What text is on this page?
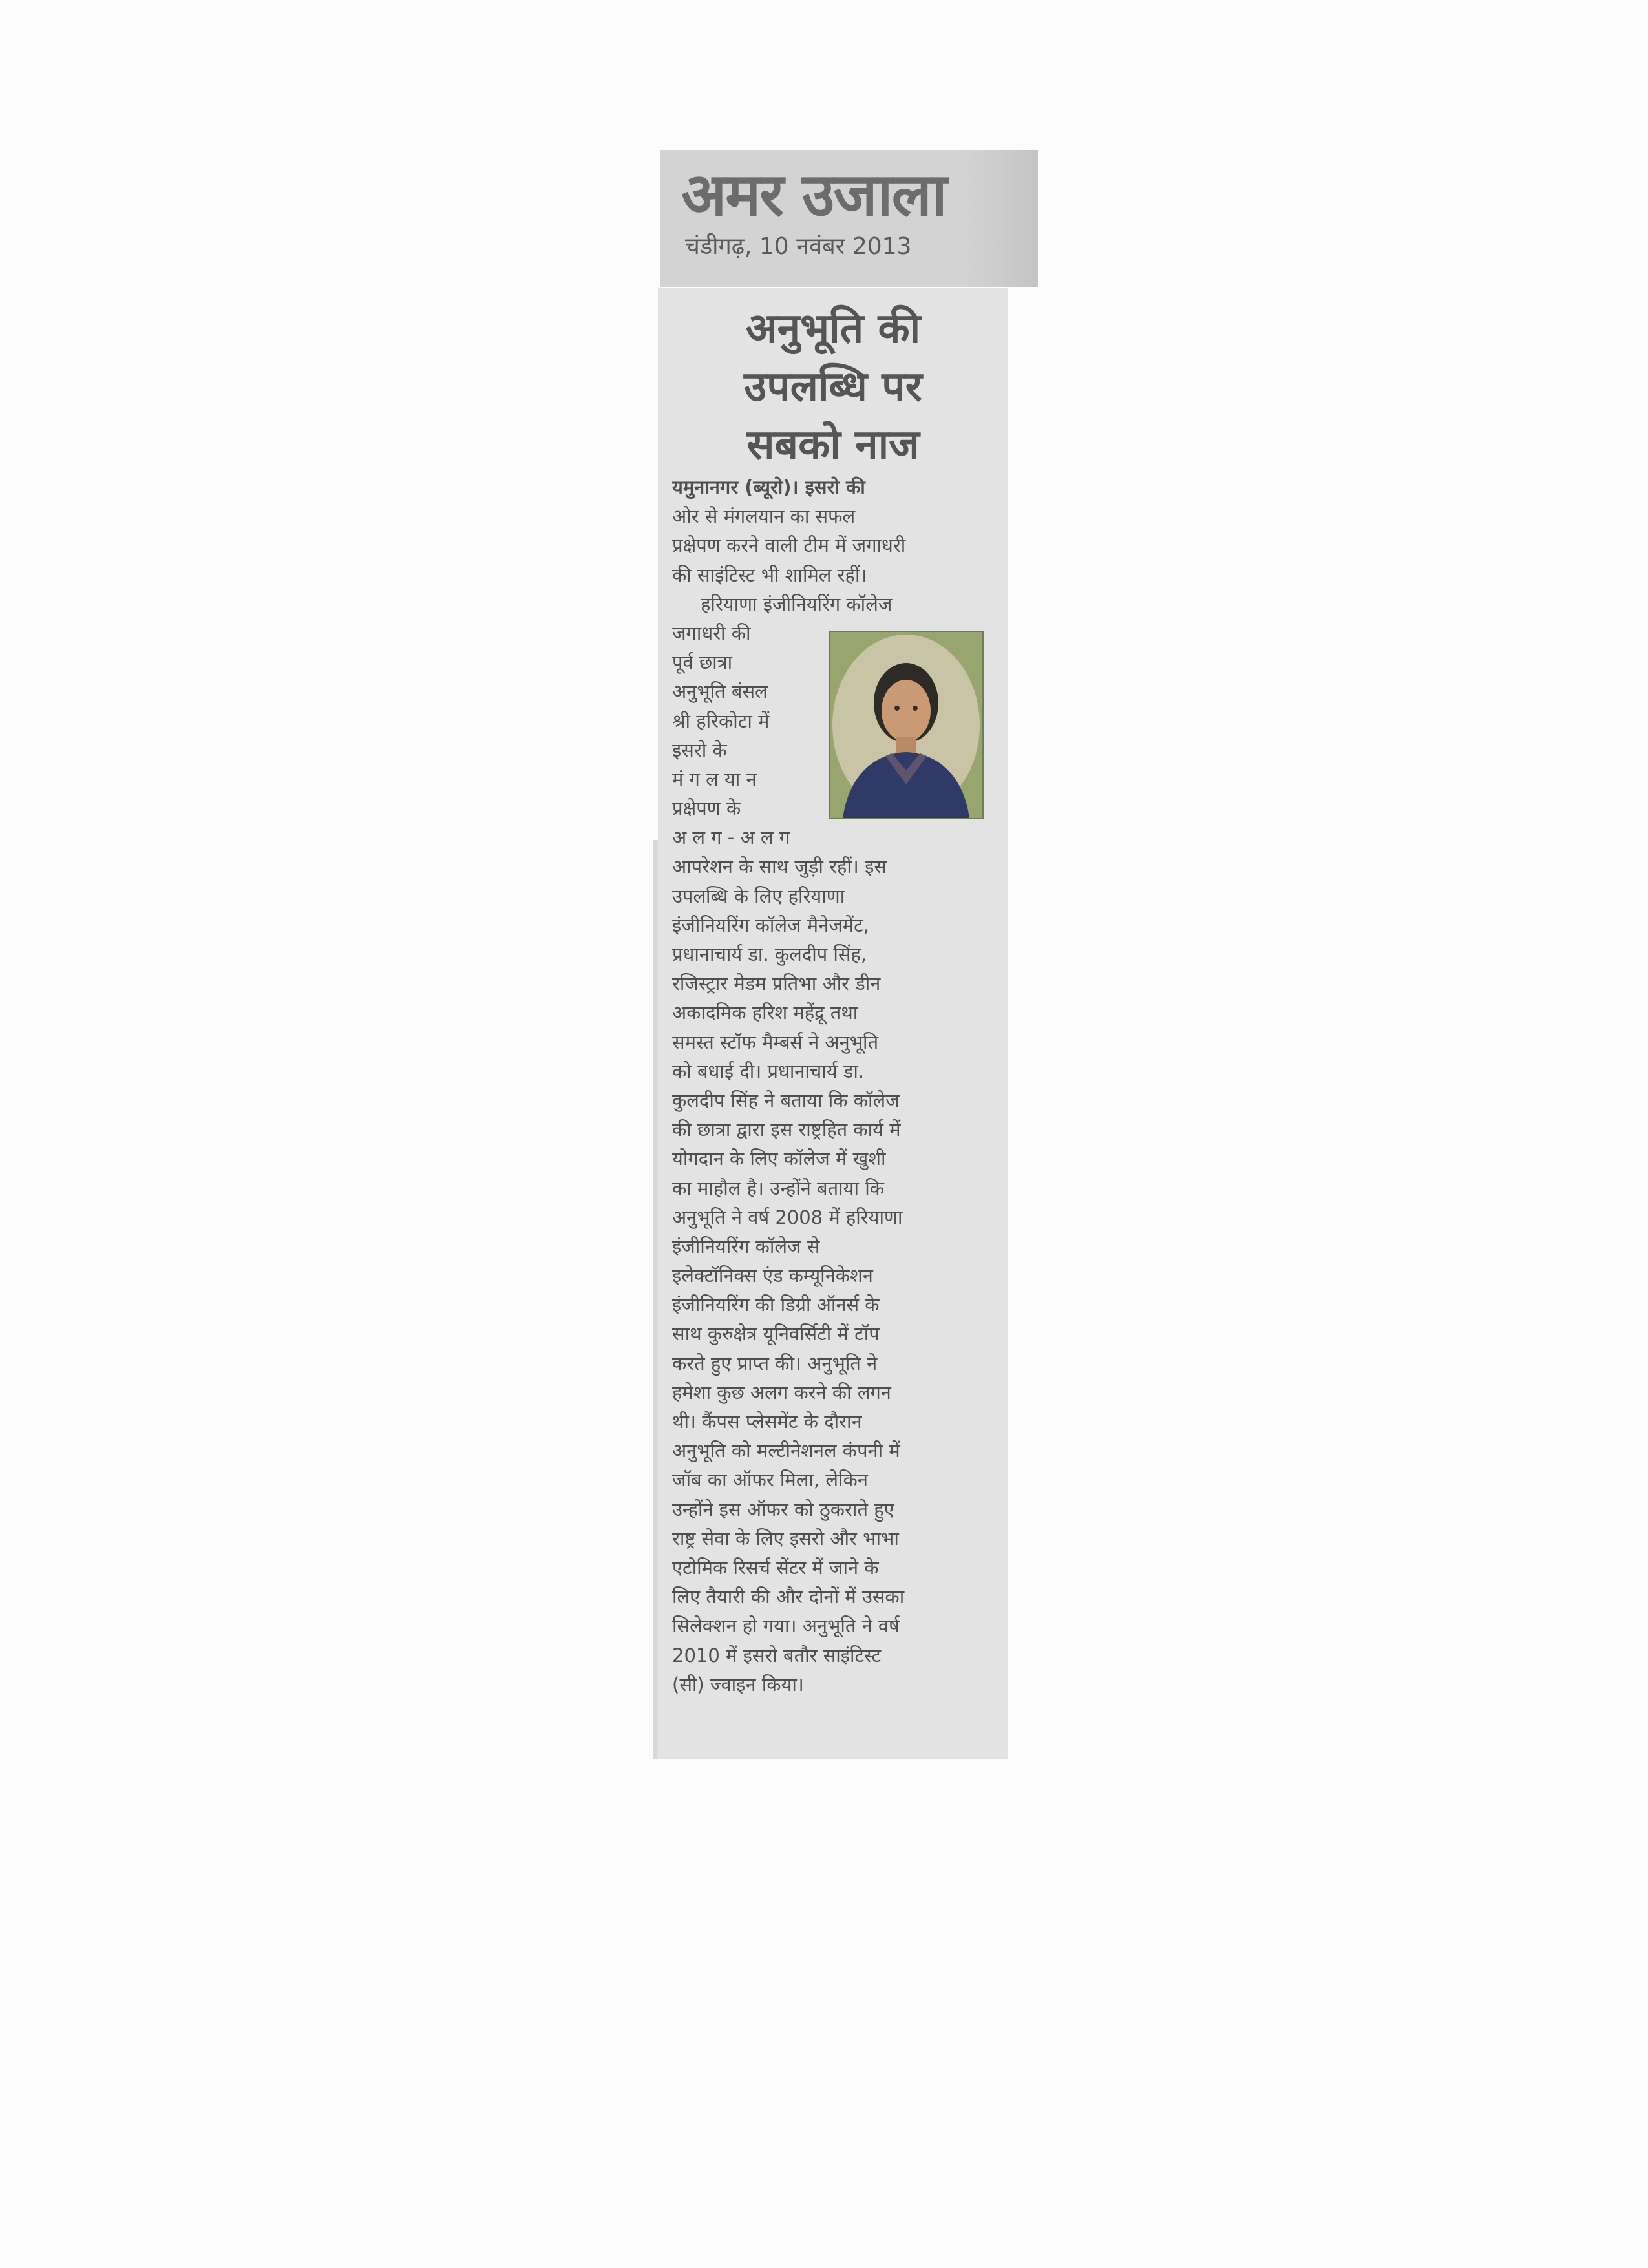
अमर उजाला
चंडीगढ़, 10 नवंबर 2013
अनुभूति की
उपलब्धि पर
सबको नाज
यमुनानगर (ब्यूरो)। इसरो की
ओर से मंगलयान का सफल
प्रक्षेपण करने वाली टीम में जगाधरी
की साइंटिस्ट भी शामिल रहीं।
हरियाणा इंजीनियरिंग कॉलेज
जगाधरी की
पूर्व छात्रा
अनुभूति बंसल
श्री हरिकोटा में
इसरो के
मं ग ल या न
प्रक्षेपण के
अ ल ग - अ ल ग
आपरेशन के साथ जुड़ी रहीं। इस
उपलब्धि के लिए हरियाणा
इंजीनियरिंग कॉलेज मैनेजमेंट,
प्रधानाचार्य डा. कुलदीप सिंह,
रजिस्ट्रार मेडम प्रतिभा और डीन
अकादमिक हरिश महेंद्रू तथा
समस्त स्टॉफ मैम्बर्स ने अनुभूति
को बधाई दी। प्रधानाचार्य डा.
कुलदीप सिंह ने बताया कि कॉलेज
की छात्रा द्वारा इस राष्ट्रहित कार्य में
योगदान के लिए कॉलेज में खुशी
का माहौल है। उन्होंने बताया कि
अनुभूति ने वर्ष 2008 में हरियाणा
इंजीनियरिंग कॉलेज से
इलेक्टॉनिक्स एंड कम्यूनिकेशन
इंजीनियरिंग की डिग्री ऑनर्स के
साथ कुरुक्षेत्र यूनिवर्सिटी में टॉप
करते हुए प्राप्त की। अनुभूति ने
हमेशा कुछ अलग करने की लगन
थी। कैंपस प्लेसमेंट के दौरान
अनुभूति को मल्टीनेशनल कंपनी में
जॉब का ऑफर मिला, लेकिन
उन्होंने इस ऑफर को ठुकराते हुए
राष्ट्र सेवा के लिए इसरो और भाभा
एटोमिक रिसर्च सेंटर में जाने के
लिए तैयारी की और दोनों में उसका
सिलेक्शन हो गया। अनुभूति ने वर्ष
2010 में इसरो बतौर साइंटिस्ट
(सी) ज्वाइन किया।
